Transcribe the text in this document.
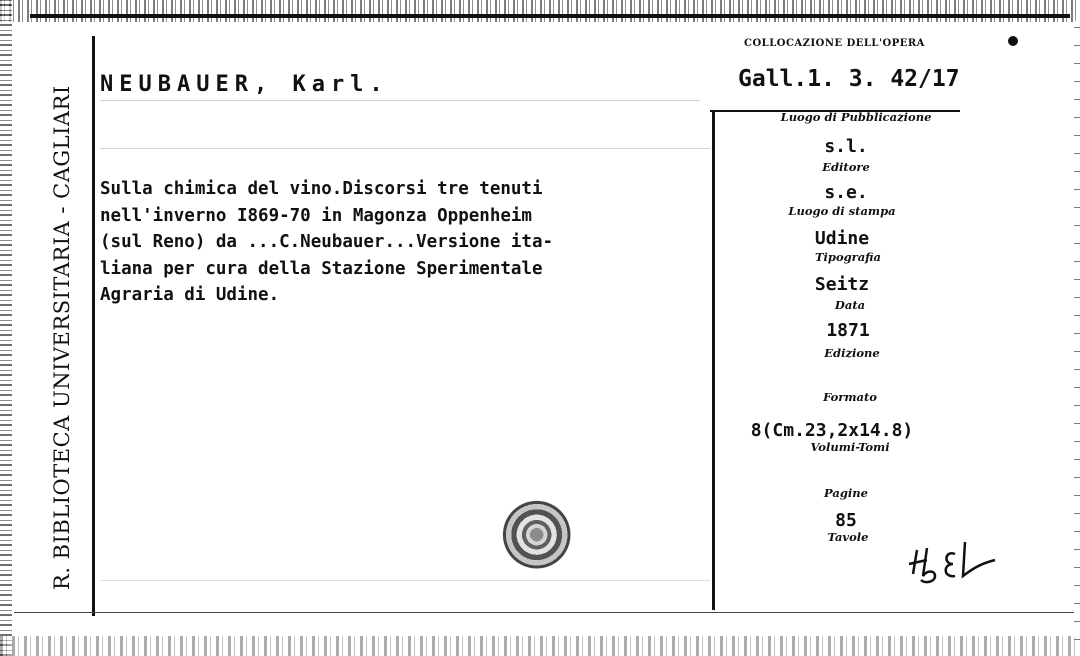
R. BIBLIOTECA UNIVERSITARIA - CAGLIARI
NEUBAUER, Karl.
Sulla chimica del vino.Discorsi tre tenuti
nell'inverno I869-70 in Magonza Oppenheim
(sul Reno) da ...C.Neubauer...Versione ita-
liana per cura della Stazione Sperimentale
Agraria di Udine.
COLLOCAZIONE DELL'OPERA
Gall.1. 3. 42/17
Luogo di Pubblicazione
s.l.
Editore
s.e.
Luogo di stampa
Udine
Tipografia
Seitz
Data
1871
Edizione
Formato
8(Cm.23,2x14.8)
Volumi-Tomi
Pagine
85
Tavole
